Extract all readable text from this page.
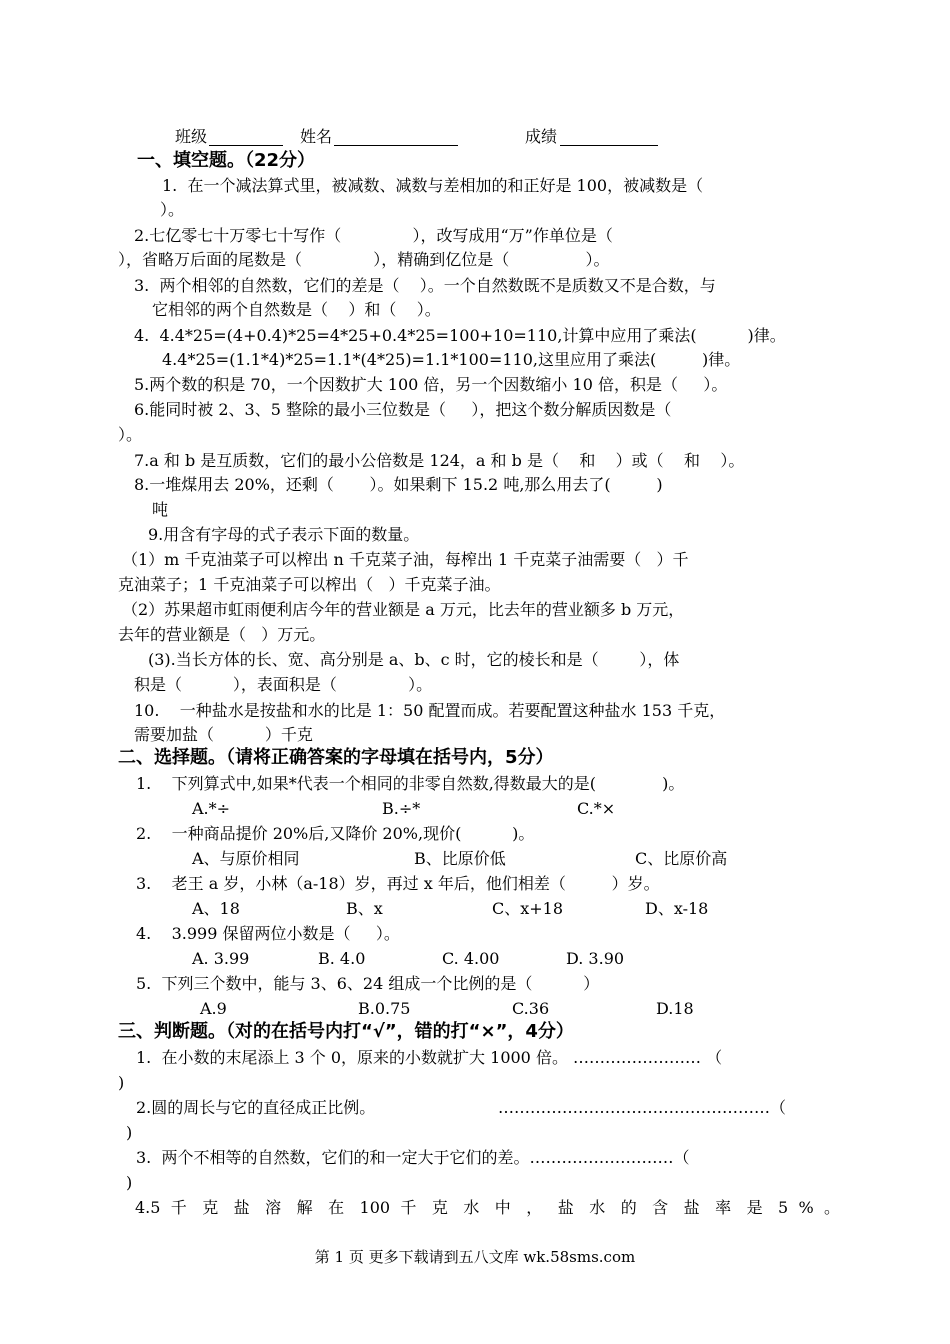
班级	姓名	成绩
一、填空题。（22分）
1.  在一个减法算式里，被减数、减数与差相加的和正好是 100，被减数是（
）。
2.七亿零七十万零七十写作（              ），改写成用“万”作单位是（
），省略万后面的尾数是（              ），精确到亿位是（               ）。
3.  两个相邻的自然数，它们的差是（    ）。一个自然数既不是质数又不是合数，与
它相邻的两个自然数是（    ）和（    ）。
4.  4.4*25=(4+0.4)*25=4*25+0.4*25=100+10=110,计算中应用了乘法(          )律。
4.4*25=(1.1*4)*25=1.1*(4*25)=1.1*100=110,这里应用了乘法(         )律。
5.两个数的积是 70，一个因数扩大 100 倍，另一个因数缩小 10 倍，积是（     ）。
6.能同时被 2、3、5 整除的最小三位数是（     ），把这个数分解质因数是（
）。
7.a 和 b 是互质数，它们的最小公倍数是 124，a 和 b 是（    和    ）或（    和    ）。
8.一堆煤用去 20%，还剩（       ）。如果剩下 15.2 吨,那么用去了(         )
吨
9.用含有字母的式子表示下面的数量。
（1）m 千克油菜子可以榨出 n 千克菜子油，每榨出 1 千克菜子油需要（   ）千
克油菜子；1 千克油菜子可以榨出（   ）千克菜子油。
（2）苏果超市虹雨便利店今年的营业额是 a 万元，比去年的营业额多 b 万元，
去年的营业额是（   ）万元。
(3).当长方体的长、宽、高分别是 a、b、c 时，它的棱长和是（        ），体
积是（          ），表面积是（              ）。
10.    一种盐水是按盐和水的比是 1：50 配置而成。若要配置这种盐水 153 千克，
需要加盐（          ）千克
二、选择题。（请将正确答案的字母填在括号内，5分）
1.    下列算式中,如果*代表一个相同的非零自然数,得数最大的是(             )。
A.*÷	B.÷*	C.*×
2.    一种商品提价 20%后,又降价 20%,现价(          )。
A、与原价相同	B、比原价低	C、比原价高
3.    老王 a 岁，小林（a-18）岁，再过 x 年后，他们相差（         ）岁。
A、18	B、x	C、x+18	D、x-18
4.    3.999 保留两位小数是（     ）。
A. 3.99	B. 4.0	C. 4.00	D. 3.90
5.  下列三个数中，能与 3、6、24 组成一个比例的是（          ）
A.9	B.0.75	C.36	D.18
三、判断题。（对的在括号内打“√”，错的打“×”，4分）
1.  在小数的末尾添上 3 个 0，原来的小数就扩大 1000 倍。 …………………… （
)
2.圆的周长与它的直径成正比例。	……………………………………………（
)
3.  两个不相等的自然数，它们的和一定大于它们的差。………………………（
)
4.5 千 克 盐 溶 解 在 100 千 克 水 中 ， 盐 水 的 含 盐 率 是 5 % 。
第 1 页 更多下载请到五八文库 wk.58sms.com
